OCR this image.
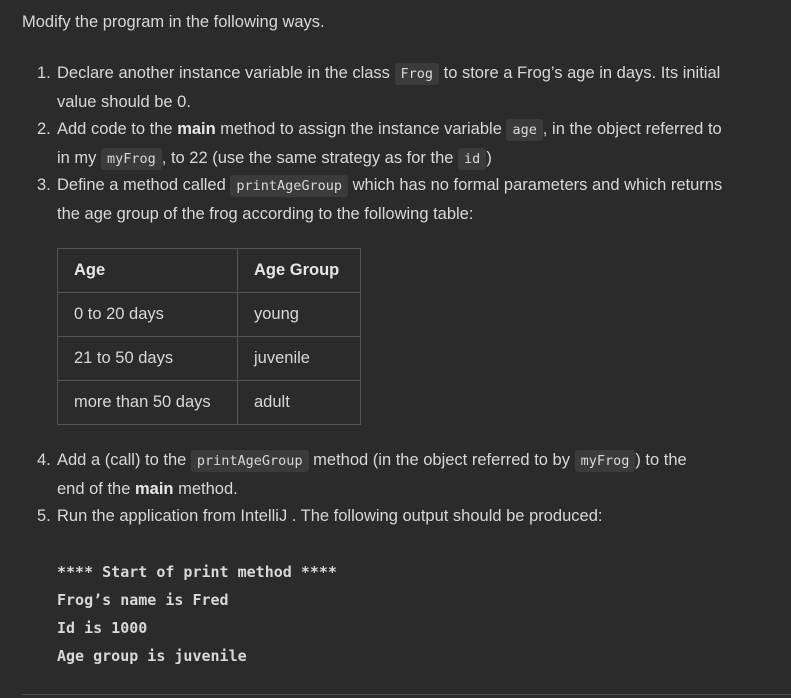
Modify the program in the following ways.
1. Declare another instance variable in the class Frog to store a Frog’s age in days. Its initial
value should be 0.
2. Add code to the main method to assign the instance variable age , in the object referred to
in my myFrog , to 22 (use the same strategy as for the id )
3. Define a method called printAgeGroup which has no formal parameters and which returns
the age group of the frog according to the following table:
Age	Age Group
0 to 20 days	young
21 to 50 days	juvenile
more than 50 days	adult
4. Add a (call) to the printAgeGroup method (in the object referred to by myFrog ) to the
end of the main method.
5. Run the application from IntelliJ . The following output should be produced:
**** Start of print method ****
Frog’s name is Fred
Id is 1000
Age group is juvenile
